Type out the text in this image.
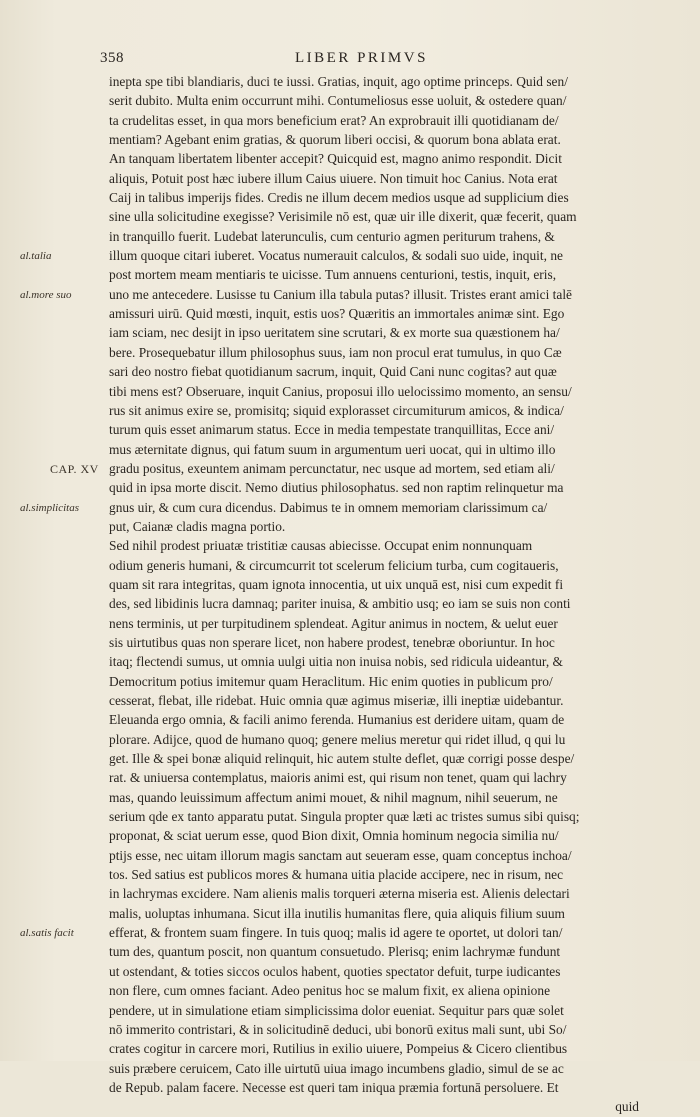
358	LIBER PRIMVS
al.talia
al.more suo
CAP. XV
al.simplicitas
al.satis facit
inepta spe tibi blandiaris, duci te iussi. Gratias, inquit, ago optime princeps. Quid sen/
serit dubito. Multa enim occurrunt mihi. Contumeliosus esse uoluit, & ostedere quan/
ta crudelitas esset, in qua mors beneficium erat? An exprobrauit illi quotidianam de/
mentiam? Agebant enim gratias, & quorum liberi occisi, & quorum bona ablata erat.
An tanquam libertatem libenter accepit? Quicquid est, magno animo respondit. Dicit
aliquis, Potuit post hæc iubere illum Caius uiuere. Non timuit hoc Canius. Nota erat
Caij in talibus imperijs fides. Credis ne illum decem medios usque ad supplicium dies
sine ulla solicitudine exegisse? Verisimile nō est, quæ uir ille dixerit, quæ fecerit, quam
in tranquillo fuerit. Ludebat laterunculis, cum centurio agmen periturum trahens, &
illum quoque citari iuberet. Vocatus numerauit calculos, & sodali suo uide, inquit, ne
post mortem meam mentiaris te uicisse. Tum annuens centurioni, testis, inquit, eris,
uno me antecedere. Lusisse tu Canium illa tabula putas? illusit. Tristes erant amici talē
amissuri uirū. Quid mœsti, inquit, estis uos? Quæritis an immortales animæ sint. Ego
iam sciam, nec desijt in ipso ueritatem sine scrutari, & ex morte sua quæstionem ha/
bere. Prosequebatur illum philosophus suus, iam non procul erat tumulus, in quo Cæ
sari deo nostro fiebat quotidianum sacrum, inquit, Quid Cani nunc cogitas? aut quæ
tibi mens est? Obseruare, inquit Canius, proposui illo uelocissimo momento, an sensu/
rus sit animus exire se, promisitq; siquid explorasset circumiturum amicos, & indica/
turum quis esset animarum status. Ecce in media tempestate tranquillitas, Ecce ani/
mus æternitate dignus, qui fatum suum in argumentum ueri uocat, qui in ultimo illo
gradu positus, exeuntem animam percunctatur, nec usque ad mortem, sed etiam ali/
quid in ipsa morte discit. Nemo diutius philosophatus. sed non raptim relinquetur ma
gnus uir, & cum cura dicendus. Dabimus te in omnem memoriam clarissimum ca/
put, Caianæ cladis magna portio.
Sed nihil prodest priuatæ tristitiæ causas abiecisse. Occupat enim nonnunquam
odium generis humani, & circumcurrit tot scelerum felicium turba, cum cogitaueris,
quam sit rara integritas, quam ignota innocentia, ut uix unquā est, nisi cum expedit fi
des, sed libidinis lucra damnaq; pariter inuisa, & ambitio usq; eo iam se suis non conti
nens terminis, ut per turpitudinem splendeat. Agitur animus in noctem, & uelut euer
sis uirtutibus quas non sperare licet, non habere prodest, tenebræ oboriuntur. In hoc
itaq; flectendi sumus, ut omnia uulgi uitia non inuisa nobis, sed ridicula uideantur, &
Democritum potius imitemur quam Heraclitum. Hic enim quoties in publicum pro/
cesserat, flebat, ille ridebat. Huic omnia quæ agimus miseriæ, illi ineptiæ uidebantur.
Eleuanda ergo omnia, & facili animo ferenda. Humanius est deridere uitam, quam de
plorare. Adijce, quod de humano quoq; genere melius meretur qui ridet illud, q qui lu
get. Ille & spei bonæ aliquid relinquit, hic autem stulte deflet, quæ corrigi posse despe/
rat. & uniuersa contemplatus, maioris animi est, qui risum non tenet, quam qui lachry
mas, quando leuissimum affectum animi mouet, & nihil magnum, nihil seuerum, ne
serium qde ex tanto apparatu putat. Singula propter quæ læti ac tristes sumus sibi quisq;
proponat, & sciat uerum esse, quod Bion dixit, Omnia hominum negocia similia nu/
ptijs esse, nec uitam illorum magis sanctam aut seueram esse, quam conceptus inchoa/
tos. Sed satius est publicos mores & humana uitia placide accipere, nec in risum, nec
in lachrymas excidere. Nam alienis malis torqueri æterna miseria est. Alienis delectari
malis, uoluptas inhumana. Sicut illa inutilis humanitas flere, quia aliquis filium suum
efferat, & frontem suam fingere. In tuis quoq; malis id agere te oportet, ut dolori tan/
tum des, quantum poscit, non quantum consuetudo. Plerisq; enim lachrymæ fundunt
ut ostendant, & toties siccos oculos habent, quoties spectator defuit, turpe iudicantes
non flere, cum omnes faciant. Adeo penitus hoc se malum fixit, ex aliena opinione
pendere, ut in simulatione etiam simplicissima dolor eueniat. Sequitur pars quæ solet
nō immerito contristari, & in solicitudinē deduci, ubi bonorū exitus mali sunt, ubi So/
crates cogitur in carcere mori, Rutilius in exilio uiuere, Pompeius & Cicero clientibus
suis præbere ceruicem, Cato ille uirtutū uiua imago incumbens gladio, simul de se ac
de Repub. palam facere. Necesse est queri tam iniqua præmia fortunā persoluere. Et
quid
